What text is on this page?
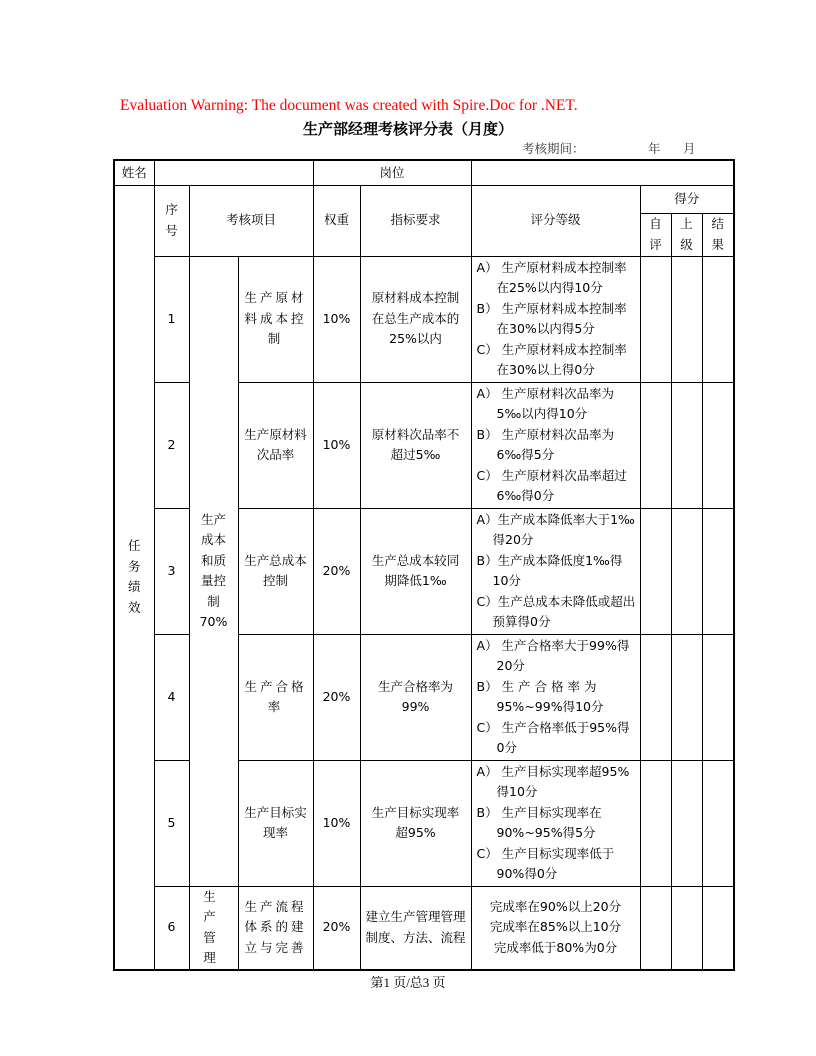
Evaluation Warning: The document was created with Spire.Doc for .NET.
生产部经理考核评分表（月度）
考核期间：	年 月
姓名				岗位					

任务绩效	序号	考核项目		权重	指标要求	评分等级	得分		

							自评	上级	结果

	1	生产成本和质量控制70%	生产原材料成本控制	10%	原材料成本控制在总生产成本的25%以内	A） 生产原材料成本控制率在25%以内得10分
B） 生产原材料成本控制率在30%以内得5分
C） 生产原材料成本控制率在30%以上得0分			

	2		生产原材料次品率	10%	原材料次品率不超过5‰	A） 生产原材料次品率为5‰以内得10分
B） 生产原材料次品率为6‰得5分
C） 生产原材料次品率超过6‰得0分			

	3		生产总成本控制	20%	生产总成本较同期降低1‰	A）生产成本降低率大于1‰得20分
B）生产成本降低度1‰得10分
C）生产总成本未降低或超出预算得0分			

	4		生产合格率	20%	生产合格率为99%	A） 生产合格率大于99%得20分
B） 生 产 合 格 率 为95%~99%得10分
C） 生产合格率低于95%得0分			

	5		生产目标实现率	10%	生产目标实现率超95%	A） 生产目标实现率超95%得10分
B） 生产目标实现率在90%~95%得5分
C） 生产目标实现率低于90%得0分			

	6	生产管理	生产流程体系的建立与完善	20%	建立生产管理管理制度、方法、流程	完成率在90%以上20分
完成率在85%以上10分
完成率低于80%为0分			

第1 页/总3 页
